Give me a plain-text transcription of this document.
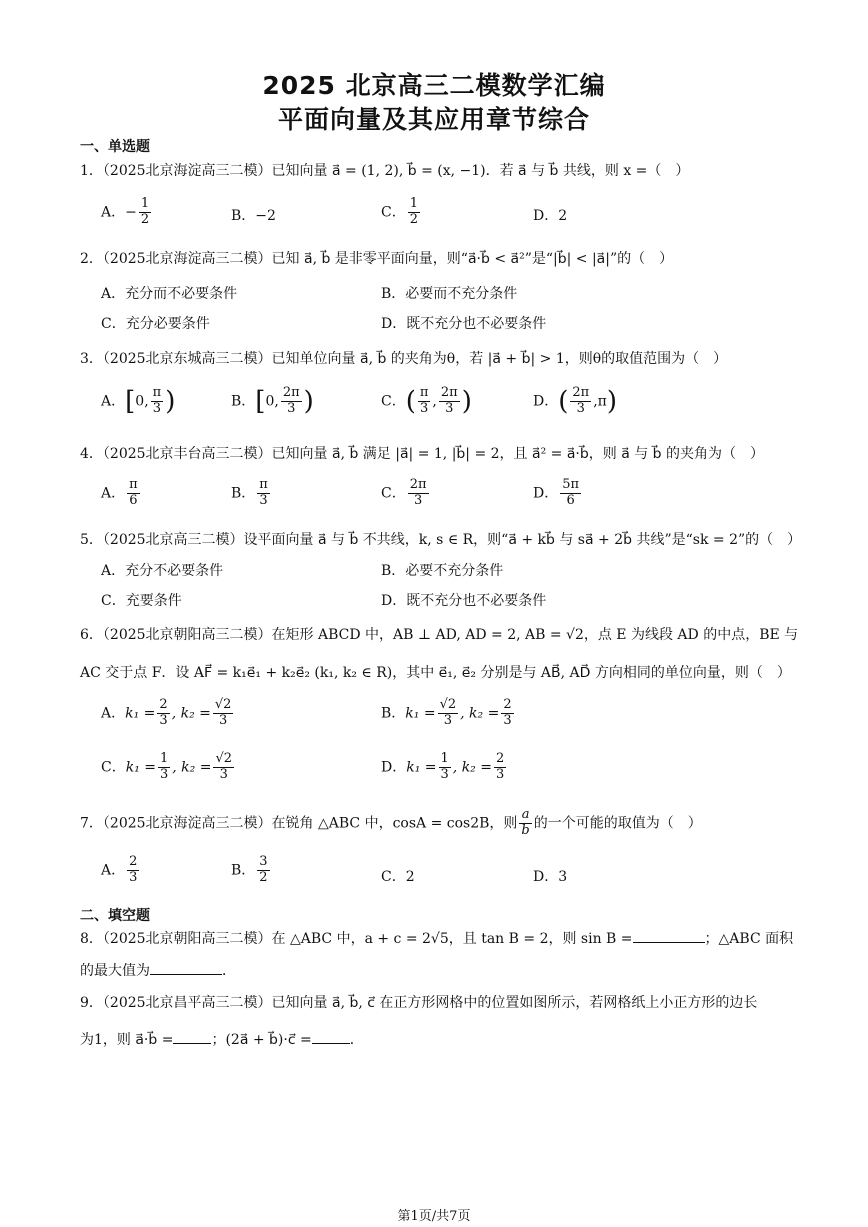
2025 北京高三二模数学汇编
平面向量及其应用章节综合
一、单选题
1．（2025北京海淀高三二模）已知向量 a⃗ = (1, 2), b⃗ = (x, −1)．若 a⃗ 与 b⃗ 共线，则 x =（　）
A．− $\frac{1}{2}$	B．−2	C． $\frac{1}{2}$	D．2
2．（2025北京海淀高三二模）已知 a⃗, b⃗ 是非零平面向量，则“a⃗·b⃗ < a⃗²”是“|b⃗| < |a⃗|”的（　）
A．充分而不必要条件	B．必要而不充分条件
C．充分必要条件	D．既不充分也不必要条件
3．（2025北京东城高三二模）已知单位向量 a⃗, b⃗ 的夹角为θ，若 |a⃗ + b⃗| > 1，则θ的取值范围为（　）
A．[0, $\frac{\pi}{3}$ )	B．[0, $\frac{2\pi}{3}$ )	C．( $\frac{\pi}{3}$ , $\frac{2\pi}{3}$ )	D．( $\frac{2\pi}{3} ,\pi$)
4．（2025北京丰台高三二模）已知向量 a⃗, b⃗ 满足 |a⃗| = 1, |b⃗| = 2，且 a⃗² = a⃗·b⃗，则 a⃗ 与 b⃗ 的夹角为（　）
A． $\frac{\pi}{6}$	B． $\frac{\pi}{3}$	C． $\frac{2\pi}{3}$	D． $\frac{5\pi}{6}$
5．（2025北京高三二模）设平面向量 a⃗ 与 b⃗ 不共线，k, s ∈ R，则“a⃗ + kb⃗ 与 sa⃗ + 2b⃗ 共线”是“sk = 2”的（　）
A．充分不必要条件	B．必要不充分条件
C．充要条件	D．既不充分也不必要条件
6．（2025北京朝阳高三二模）在矩形 ABCD 中，AB ⊥ AD, AD = 2, AB = √2，点 E 为线段 AD 的中点，BE 与
AC 交于点 F．设 AF⃗ = k₁e⃗₁ + k₂e⃗₂ (k₁, k₂ ∈ R)，其中 e⃗₁, e⃗₂ 分别是与 AB⃗, AD⃗ 方向相同的单位向量，则（　）
A．$k_1 = \frac{2}{3}$ , $k_2 = \frac{√2}{3}$	B．$k_1 = \frac{√2}{3}$ , $k_2 = \frac{2}{3}$
C．$k_1 = \frac{1}{3}$ , $k_2 = \frac{√2}{3}$	D．$k_1 = \frac{1}{3}$ , $k_2 = \frac{2}{3}$
7．（2025北京海淀高三二模）在锐角 △ABC 中，cosA = cos2B，则 $\frac{a}{b}$ 的一个可能的取值为（　）
A． $\frac{2}{3}$	B． $\frac{3}{2}$	C．2	D．3
二、填空题
8．（2025北京朝阳高三二模）在 △ABC 中，a + c = 2√5，且 tan B = 2，则 sin B =	；△ABC 面积
的最大值为	．
9．（2025北京昌平高三二模）已知向量 a⃗, b⃗, c⃗ 在正方形网格中的位置如图所示，若网格纸上小正方形的边长
为1，则 a⃗·b⃗ =	；(2a⃗ + b⃗)·c⃗ =	．
第1页/共7页
